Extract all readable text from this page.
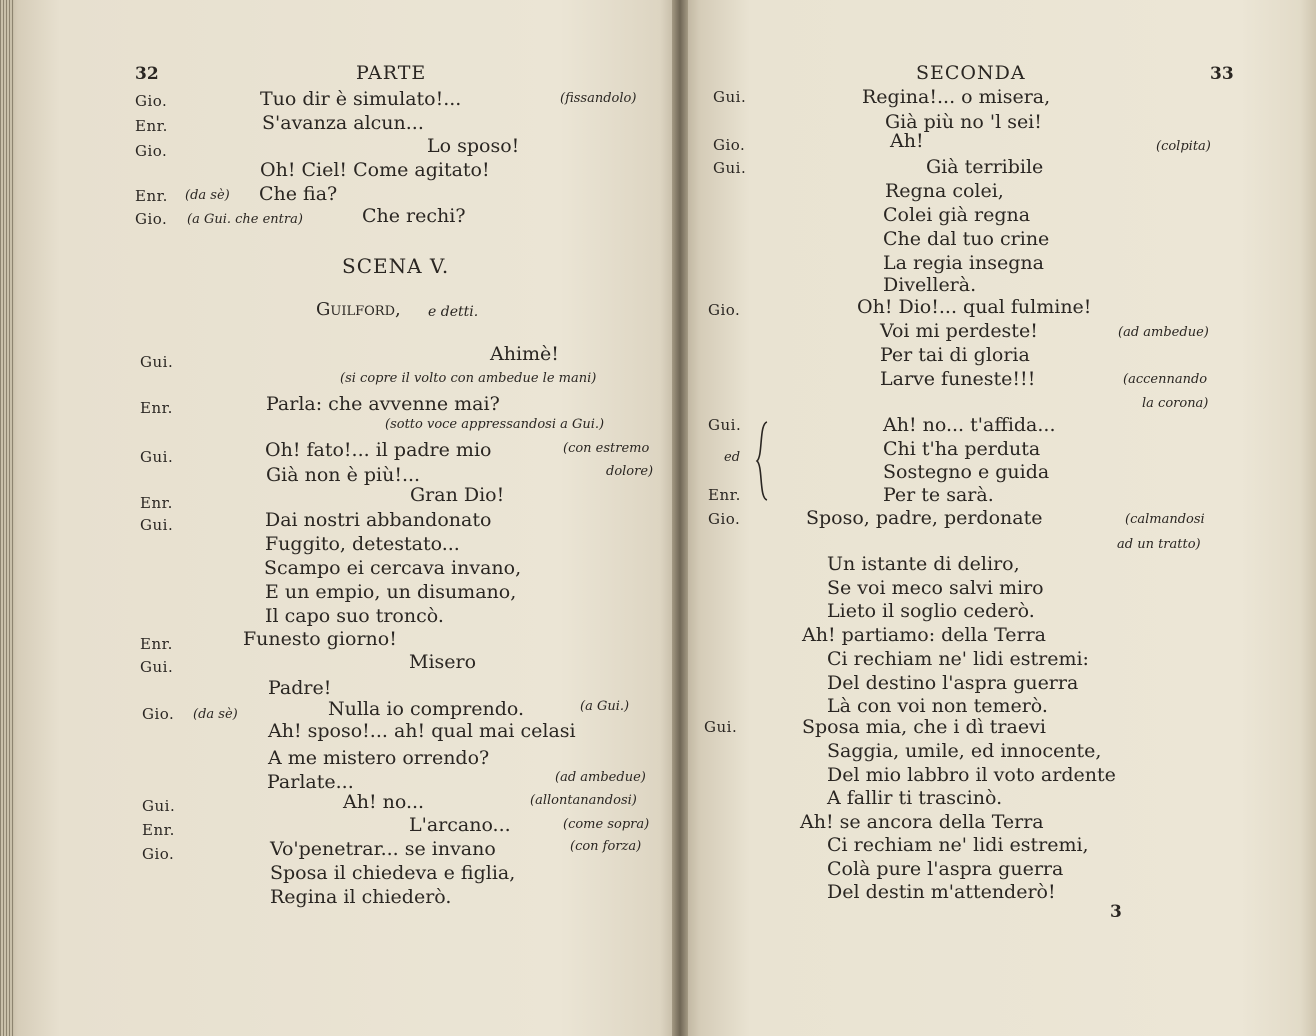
32	PARTE
Gio.	Tuo dir è simulato!...	(fissandolo)
Enr.	S'avanza alcun...
Gio.	Lo sposo!
Oh! Ciel! Come agitato!
Enr. (da sè) Che fia?
Gio. (a Gui. che entra)	Che rechi?
SCENA V.
Guilford, e detti.
Gui.	Ahimè!
(si copre il volto con ambedue le mani)
Enr.	Parla: che avvenne mai?
(sotto voce appressandosi a Gui.)
Gui.	Oh! fato!... il padre mio	(con estremo
Già non è più!...	dolore)
Enr.	Gran Dio!
Gui.	Dai nostri abbandonato
Fuggito, detestato...
Scampo ei cercava invano,
E un empio, un disumano,
Il capo suo troncò.
Enr.	Funesto giorno!
Gui.	Misero
Padre!
Gio. (da sè)	Nulla io comprendo.	(a Gui.)
Ah! sposo!... ah! qual mai celasi
A me mistero orrendo?
Parlate...	(ad ambedue)
Gui.	Ah! no...	(allontanandosi)
Enr.	L'arcano...	(come sopra)
Gio.	Vo'penetrar... se invano	(con forza)
Sposa il chiedeva e figlia,
Regina il chiederò.
SECONDA	33
Gui.	Regina!... o misera,
Già più no 'l sei!
Gio.	Ah!	(colpita)
Gui.	Già terribile
Regna colei,
Colei già regna
Che dal tuo crine
La regia insegna
Divellerà.
Gio.	Oh! Dio!... qual fulmine!
Voi mi perdeste!	(ad ambedue)
Per tai di gloria
Larve funeste!!!	(accennando
la corona)
Gui.	Ah! no... t'affida...
ed	Chi t'ha perduta
Sostegno e guida
Enr.	Per te sarà.
Gio.	Sposo, padre, perdonate	(calmandosi
ad un tratto)
Un istante di deliro,
Se voi meco salvi miro
Lieto il soglio cederò.
Ah! partiamo: della Terra
Ci rechiam ne' lidi estremi:
Del destino l'aspra guerra
Là con voi non temerò.
Gui.	Sposa mia, che i dì traevi
Saggia, umile, ed innocente,
Del mio labbro il voto ardente
A fallir ti trascinò.
Ah! se ancora della Terra
Ci rechiam ne' lidi estremi,
Colà pure l'aspra guerra
Del destin m'attenderò!
3
